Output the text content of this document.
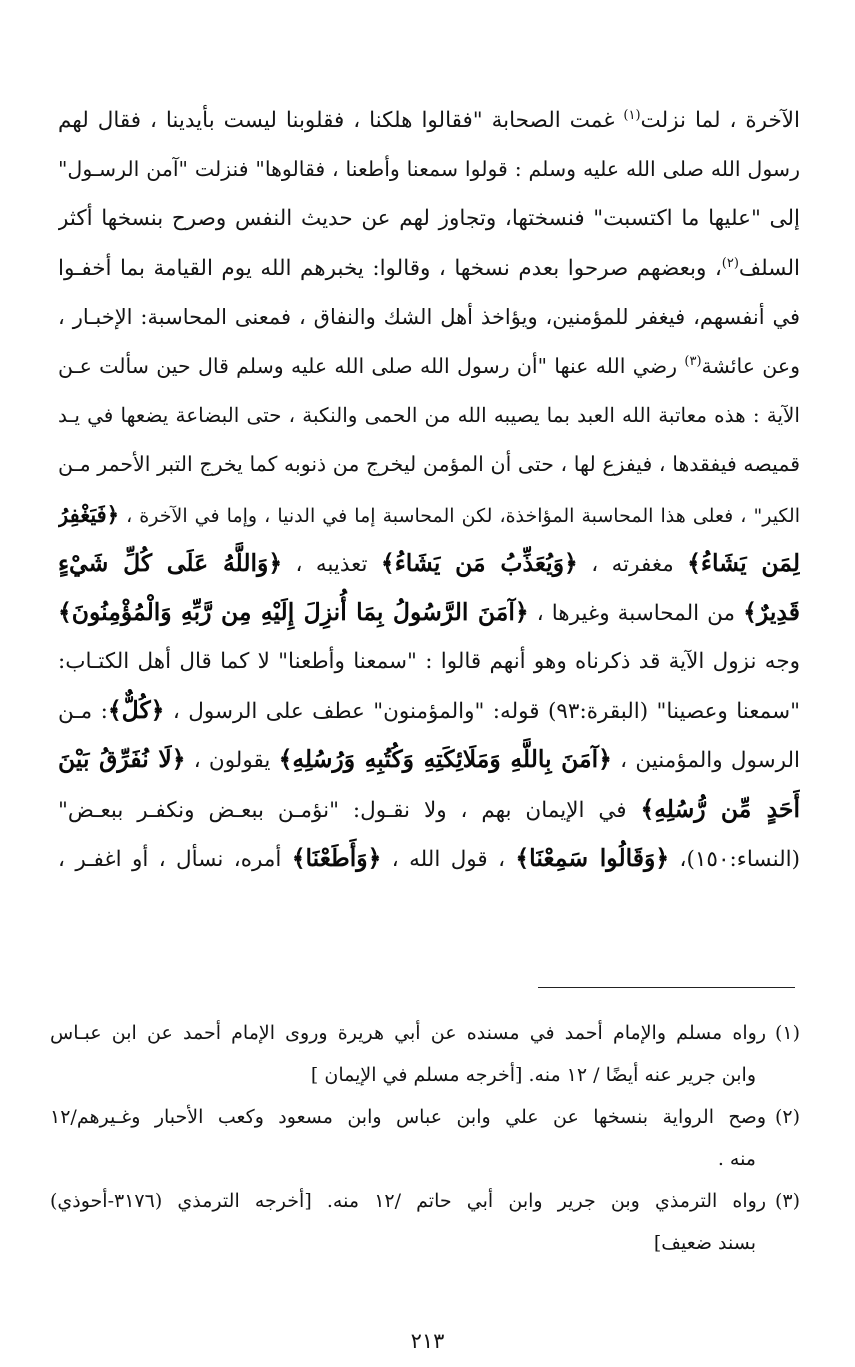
الآخرة ، لما نزلت$^{(١)}$ غمت الصحابة "فقالوا هلكنا ، فقلوبنا ليست بأيدينا ، فقال لهم

رسول الله صلى الله عليه وسلم : قولوا سمعنا وأطعنا ، فقالوها" فنزلت "آمن الرسـول"

إلى "عليها ما اكتسبت" فنسختها، وتجاوز لهم عن حديث النفس وصرح بنسخها أكثر

السلف$^{(٢)}$، وبعضهم صرحوا بعدم نسخها ، وقالوا: يخبرهم الله يوم القيامة بما أخفـوا

في أنفسهم، فيغفر للمؤمنين، ويؤاخذ أهل الشك والنفاق ، فمعنى المحاسبة: الإخبـار ،

وعن عائشة$^{(٣)}$ رضي الله عنها "أن رسول الله صلى الله عليه وسلم قال حين سألت عـن

الآية : هذه معاتبة الله العبد بما يصيبه الله من الحمى والنكبة ، حتى البضاعة يضعها في يـد

قميصه فيفقدها ، فيفزع لها ، حتى أن المؤمن ليخرج من ذنوبه كما يخرج التبر الأحمر مـن

الكير" ، فعلى هذا المحاسبة المؤاخذة، لكن المحاسبة إما في الدنيا ، وإما في الآخرة ، ﴿فَيَغْفِرُ

لِمَن يَشَاءُ﴾ مغفرته ، ﴿وَيُعَذِّبُ مَن يَشَاءُ﴾ تعذيبه ، ﴿وَاللَّهُ عَلَى كُلِّ شَيْءٍ

قَدِيرٌ﴾ من المحاسبة وغيرها ، ﴿آمَنَ الرَّسُولُ بِمَا أُنزِلَ إِلَيْهِ مِن رَّبِّهِ وَالْمُؤْمِنُونَ﴾

وجه نزول الآية قد ذكرناه وهو أنهم قالوا : "سمعنا وأطعنا" لا كما قال أهل الكتـاب:

"سمعنا وعصينا" (البقرة:٩٣) قوله: "والمؤمنون" عطف على الرسول ، ﴿كُلٌّ﴾: مـن

الرسول والمؤمنين ، ﴿آمَنَ بِاللَّهِ وَمَلَائِكَتِهِ وَكُتُبِهِ وَرُسُلِهِ﴾ يقولون ، ﴿لَا نُفَرِّقُ بَيْنَ

أَحَدٍ مِّن رُّسُلِهِ﴾ في الإيمان بهم ، ولا نقـول: "نؤمـن ببعـض ونكفـر ببعـض"

(النساء:١٥٠)، ﴿وَقَالُوا سَمِعْنَا﴾ ، قول الله ، ﴿وَأَطَعْنَا﴾ أمره، نسأل ، أو اغفـر ،

(١)رواه مسلم والإمام أحمد في مسنده عن أبي هريرة وروى الإمام أحمد عن ابن عبـاس

وابن جرير عنه أيضًا / ١٢ منه. [أخرجه مسلم في الإيمان ]

(٢)وصح الرواية بنسخها عن علي وابن عباس وابن مسعود وكعب الأحبار وغـيرهم/١٢

منه .

(٣)رواه الترمذي وبن جرير وابن أبي حاتم /١٢ منه. [أخرجه الترمذي (٣١٧٦-أحوذي)

بسند ضعيف]

٢١٣
